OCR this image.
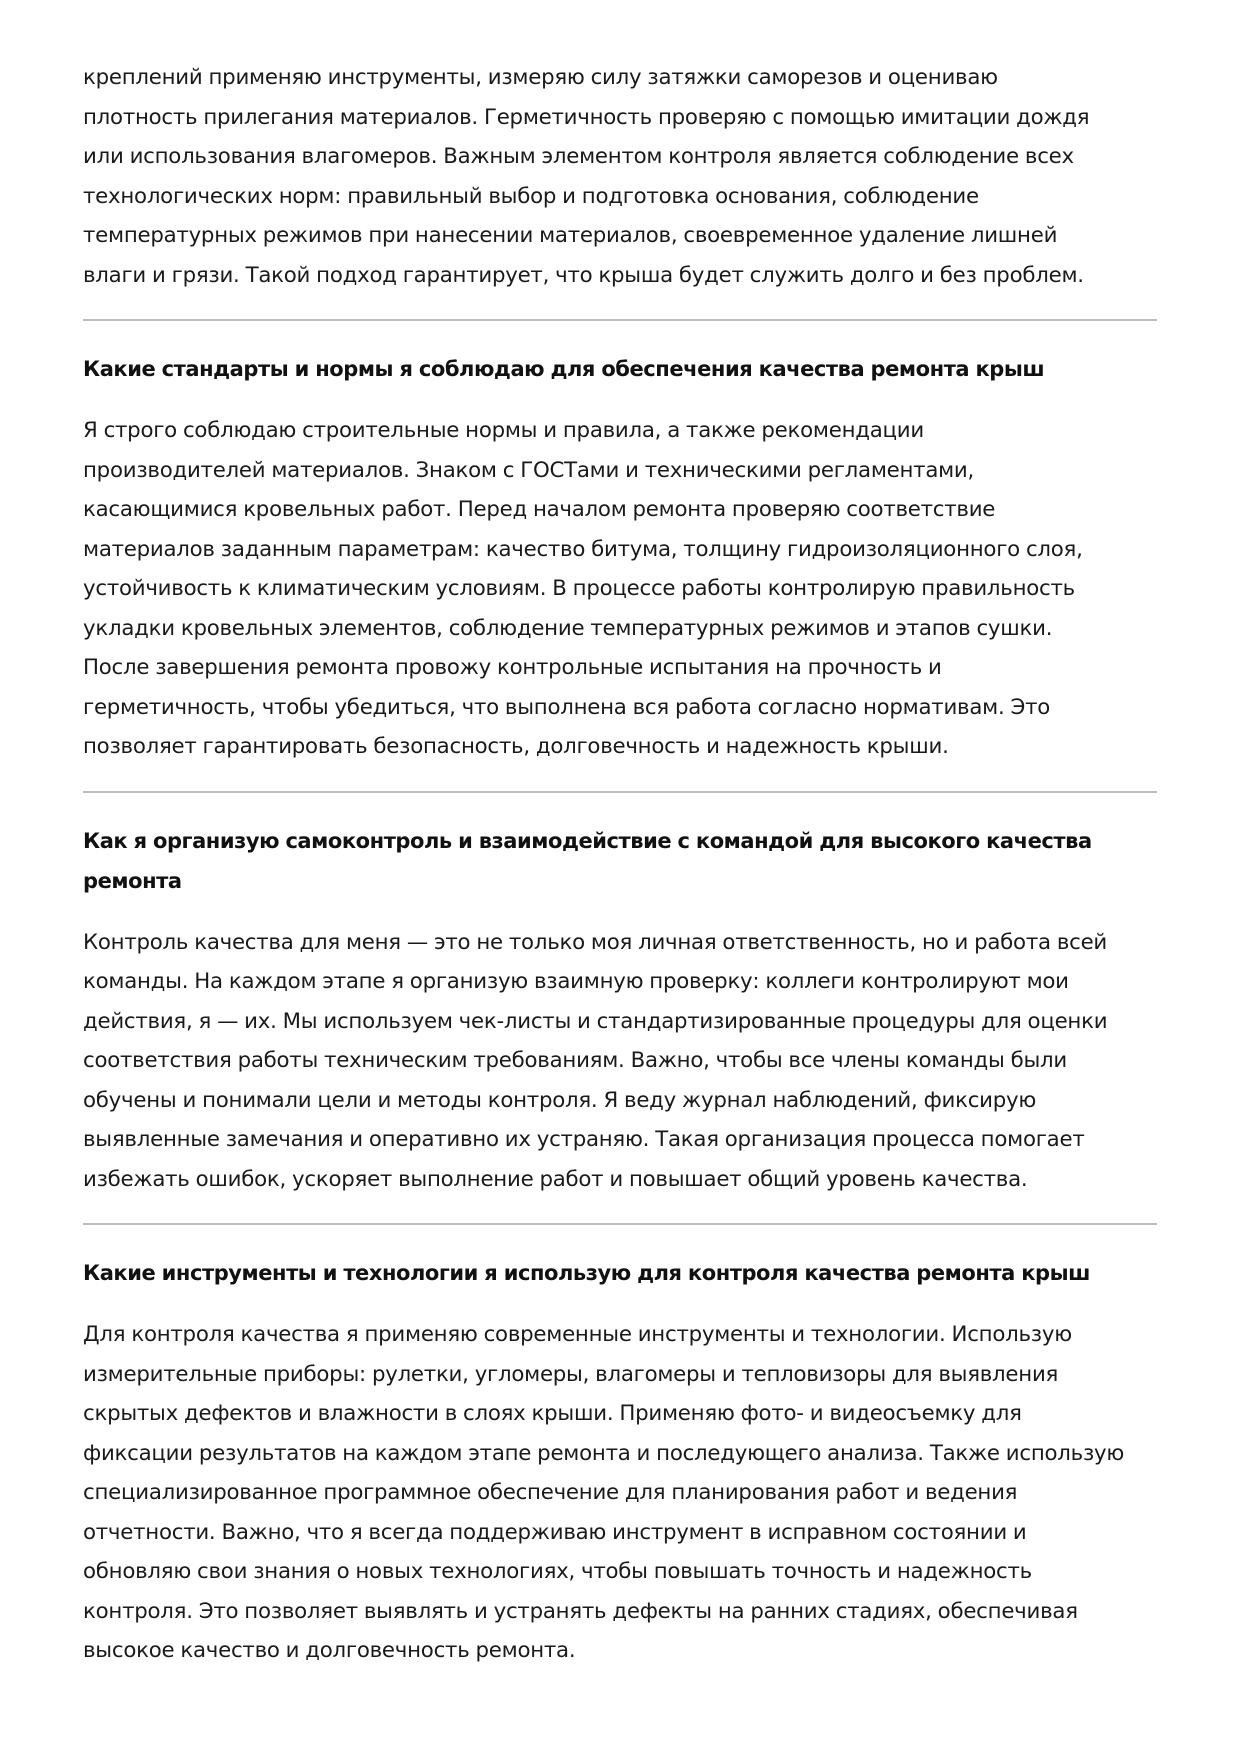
креплений применяю инструменты, измеряю силу затяжки саморезов и оцениваю
плотность прилегания материалов. Герметичность проверяю с помощью имитации дождя
или использования влагомеров. Важным элементом контроля является соблюдение всех
технологических норм: правильный выбор и подготовка основания, соблюдение
температурных режимов при нанесении материалов, своевременное удаление лишней
влаги и грязи. Такой подход гарантирует, что крыша будет служить долго и без проблем.
Какие стандарты и нормы я соблюдаю для обеспечения качества ремонта крыш
Я строго соблюдаю строительные нормы и правила, а также рекомендации
производителей материалов. Знаком с ГОСТами и техническими регламентами,
касающимися кровельных работ. Перед началом ремонта проверяю соответствие
материалов заданным параметрам: качество битума, толщину гидроизоляционного слоя,
устойчивость к климатическим условиям. В процессе работы контролирую правильность
укладки кровельных элементов, соблюдение температурных режимов и этапов сушки.
После завершения ремонта провожу контрольные испытания на прочность и
герметичность, чтобы убедиться, что выполнена вся работа согласно нормативам. Это
позволяет гарантировать безопасность, долговечность и надежность крыши.
Как я организую самоконтроль и взаимодействие с командой для высокого качества
ремонта
Контроль качества для меня — это не только моя личная ответственность, но и работа всей
команды. На каждом этапе я организую взаимную проверку: коллеги контролируют мои
действия, я — их. Мы используем чек-листы и стандартизированные процедуры для оценки
соответствия работы техническим требованиям. Важно, чтобы все члены команды были
обучены и понимали цели и методы контроля. Я веду журнал наблюдений, фиксирую
выявленные замечания и оперативно их устраняю. Такая организация процесса помогает
избежать ошибок, ускоряет выполнение работ и повышает общий уровень качества.
Какие инструменты и технологии я использую для контроля качества ремонта крыш
Для контроля качества я применяю современные инструменты и технологии. Использую
измерительные приборы: рулетки, угломеры, влагомеры и тепловизоры для выявления
скрытых дефектов и влажности в слоях крыши. Применяю фото- и видеосъемку для
фиксации результатов на каждом этапе ремонта и последующего анализа. Также использую
специализированное программное обеспечение для планирования работ и ведения
отчетности. Важно, что я всегда поддерживаю инструмент в исправном состоянии и
обновляю свои знания о новых технологиях, чтобы повышать точность и надежность
контроля. Это позволяет выявлять и устранять дефекты на ранних стадиях, обеспечивая
высокое качество и долговечность ремонта.
